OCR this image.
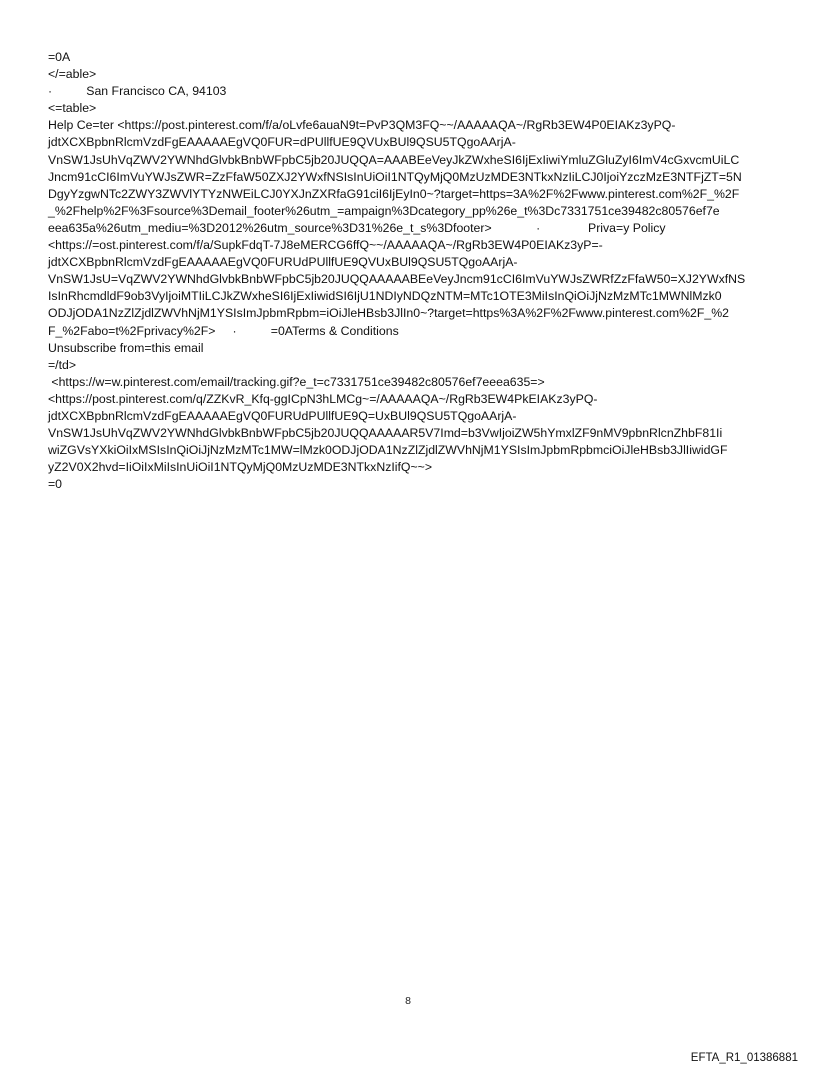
=0A
</=able>
·          San Francisco CA, 94103
<=table>
Help Ce=ter <https://post.pinterest.com/f/a/oLvfe6auaN9t=PvP3QM3FQ~~/AAAAAQA~/RgRb3EW4P0EIAKz3yPQ-
jdtXCXBpbnRlcmVzdFgEAAAAAEgVQ0FUR=dPUllfUE9QVUxBUl9QSU5TQgoAArjA-
VnSW1JsUhVqZWV2YWNhdGlvbkBnbWFpbC5jb20JUQQA=AAABEeVeyJkZWxheSI6IjExIiwiYmluZGluZyI6ImV4cGxvcmUiLC
Jncm91cCI6ImVuYWJsZWR=ZzFfaW50ZXJ2YWxfNSIsInUiOiI1NTQyMjQ0MzUzMDE3NTkxNzIiLCJ0IjoiYzczMzE3NTFjZT=5N
DgyYzgwNTc2ZWY3ZWVlYTYzNWEiLCJ0YXJnZXRfaG91ciI6IjEyIn0~?target=https=3A%2F%2Fwww.pinterest.com%2F_%2F
_%2Fhelp%2F%3Fsource%3Demail_footer%26utm_=ampaign%3Dcategory_pp%26e_t%3Dc7331751ce39482c80576ef7e
eea635a%26utm_mediu=%3D2012%26utm_source%3D31%26e_t_s%3Dfooter>             ·              Priva=y Policy
<https://=ost.pinterest.com/f/a/SupkFdqT-7J8eMERCG6ffQ~~/AAAAAQA~/RgRb3EW4P0EIAKz3yP=-
jdtXCXBpbnRlcmVzdFgEAAAAAEgVQ0FURUdPUllfUE9QVUxBUl9QSU5TQgoAArjA-
VnSW1JsU=VqZWV2YWNhdGlvbkBnbWFpbC5jb20JUQQAAAAABEeVeyJncm91cCI6ImVuYWJsZWRfZzFfaW50=XJ2YWxfNS
IsInRhcmdldF9ob3VyIjoiMTIiLCJkZWxheSI6IjExIiwidSI6IjU1NDIyNDQzNTM=MTc1OTE3MiIsInQiOiJjNzMzMTc1MWNlMzk0
ODJjODA1NzZlZjdlZWVhNjM1YSIsImJpbmRpbm=iOiJleHBsb3JlIn0~?target=https%3A%2F%2Fwww.pinterest.com%2F_%2
F_%2Fabo=t%2Fprivacy%2F>     ·          =0ATerms & Conditions
Unsubscribe from=this email
=/td>
<https://w=w.pinterest.com/email/tracking.gif?e_t=c7331751ce39482c80576ef7eeea635=>
<https://post.pinterest.com/q/ZZKvR_Kfq-ggICpN3hLMCg~=/AAAAAQA~/RgRb3EW4PkEIAKz3yPQ-
jdtXCXBpbnRlcmVzdFgEAAAAAEgVQ0FURUdPUllfUE9Q=UxBUl9QSU5TQgoAArjA-
VnSW1JsUhVqZWV2YWNhdGlvbkBnbWFpbC5jb20JUQQAAAAAR5V7Imd=b3VwIjoiZW5hYmxlZF9nMV9pbnRlcnZhbF81Ii
wiZGVsYXkiOiIxMSIsInQiOiJjNzMzMTc1MW=lMzk0ODJjODA1NzZlZjdlZWVhNjM1YSIsImJpbmRpbmciOiJleHBsb3JlIiwidGF
yZ2V0X2hvd=IiOiIxMiIsInUiOiI1NTQyMjQ0MzUzMDE3NTkxNzIifQ~~>
=0
8
EFTA_R1_01386881
